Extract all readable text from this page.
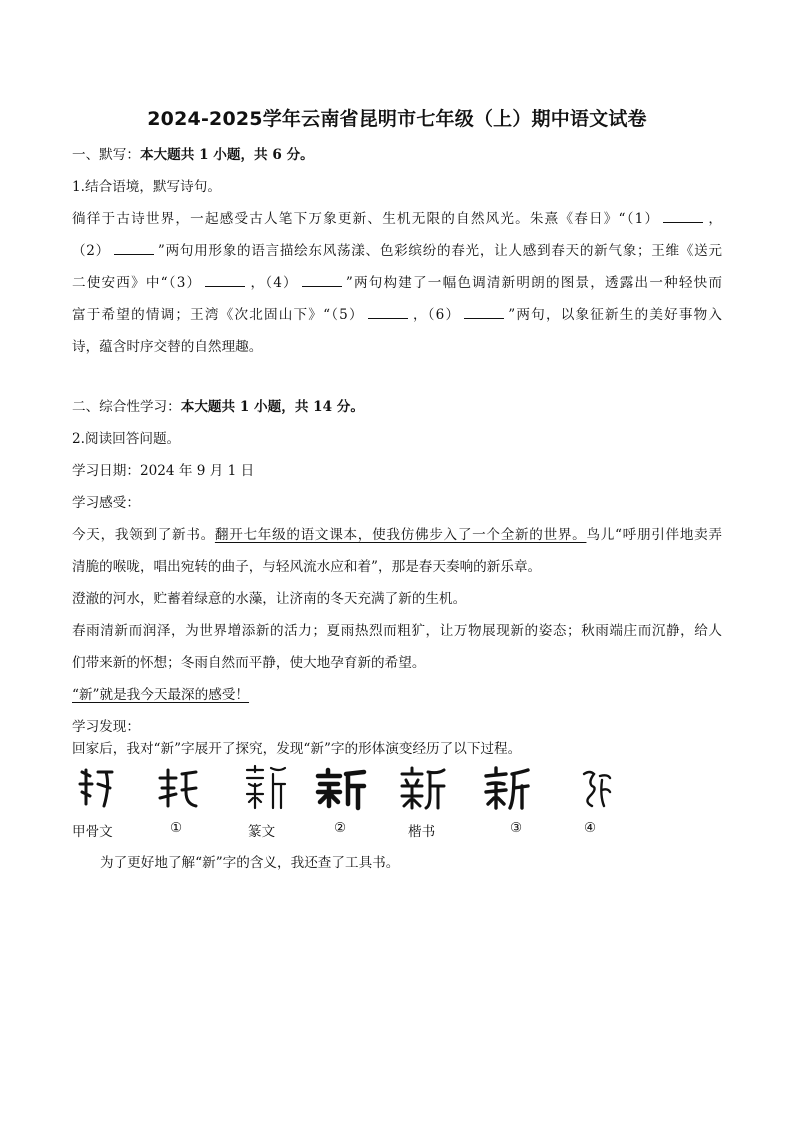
2024-2025学年云南省昆明市七年级（上）期中语文试卷
一、默写：本大题共 1 小题，共 6 分。
1.结合语境，默写诗句。
徜徉于古诗世界，一起感受古人笔下万象更新、生机无限的自然风光。朱熹《春日》“（1）	，
（2）	”两句用形象的语言描绘东风荡漾、色彩缤纷的春光，让人感到春天的新气象；王维《送元
二使安西》中“（3）	，（4）	”两句构建了一幅色调清新明朗的图景，透露出一种轻快而
富于希望的情调；王湾《次北固山下》“（5）	，（6）	”两句，以象征新生的美好事物入
诗，蕴含时序交替的自然理趣。
二、综合性学习：本大题共 1 小题，共 14 分。
2.阅读回答问题。
学习日期：2024 年 9 月 1 日
学习感受：
今天，我领到了新书。翻开七年级的语文课本，使我仿佛步入了一个全新的世界。鸟儿“呼朋引伴地卖弄
清脆的喉咙，唱出宛转的曲子，与轻风流水应和着”，那是春天奏响的新乐章。
澄澈的河水，贮蓄着绿意的水藻，让济南的冬天充满了新的生机。
春雨清新而润泽，为世界增添新的活力；夏雨热烈而粗犷，让万物展现新的姿态；秋雨端庄而沉静，给人
们带来新的怀想；冬雨自然而平静，使大地孕育新的希望。
“新”就是我今天最深的感受！
学习发现：
回家后，我对“新”字展开了探究，发现“新”字的形体演变经历了以下过程。
甲骨文	①	篆文	②	楷书	③	④
为了更好地了解“新”字的含义，我还查了工具书。
